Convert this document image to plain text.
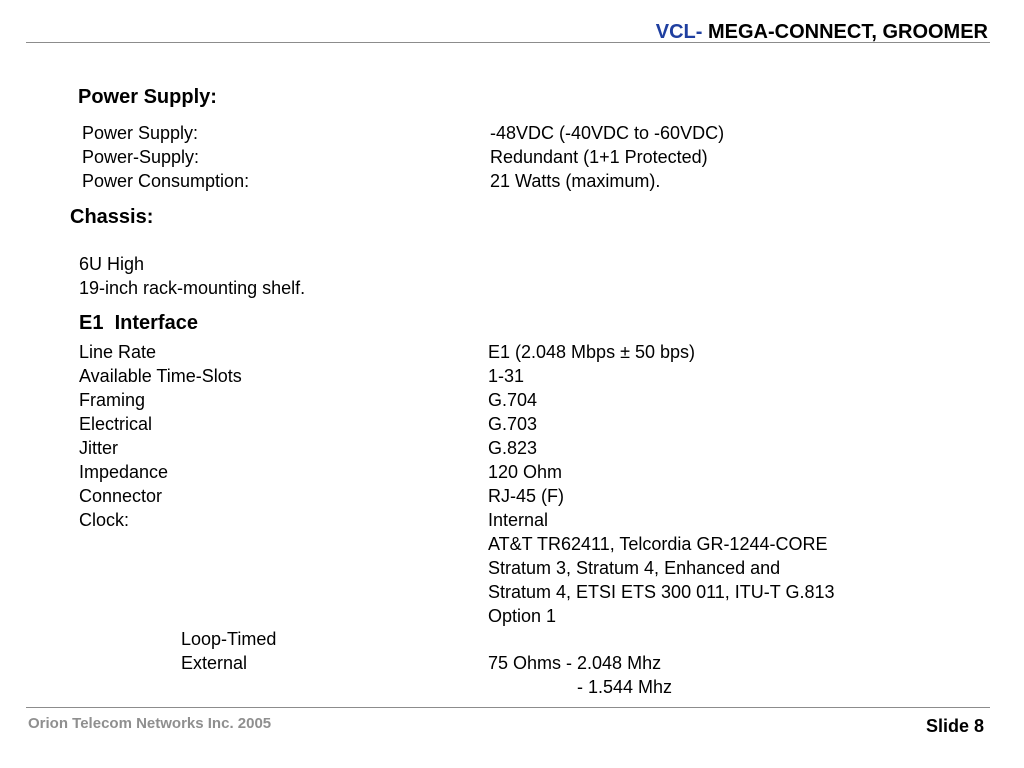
VCL- MEGA-CONNECT, GROOMER
Power Supply:
Power Supply:	-48VDC (-40VDC to -60VDC)
Power-Supply:	Redundant (1+1 Protected)
Power Consumption:	21 Watts (maximum).
Chassis:
6U High
19-inch rack-mounting shelf.
E1  Interface
Line Rate	E1 (2.048 Mbps ± 50 bps)
Available Time-Slots	1-31
Framing	G.704
Electrical	G.703
Jitter	G.823
Impedance	120 Ohm
Connector	RJ-45 (F)
Clock:	Internal
AT&T TR62411, Telcordia GR-1244-CORE
Stratum 3, Stratum 4, Enhanced and
Stratum 4, ETSI ETS 300 011, ITU-T G.813
Option 1
Loop-Timed
External	75 Ohms - 2.048 Mhz
- 1.544 Mhz
Orion Telecom Networks Inc. 2005	Slide 8
